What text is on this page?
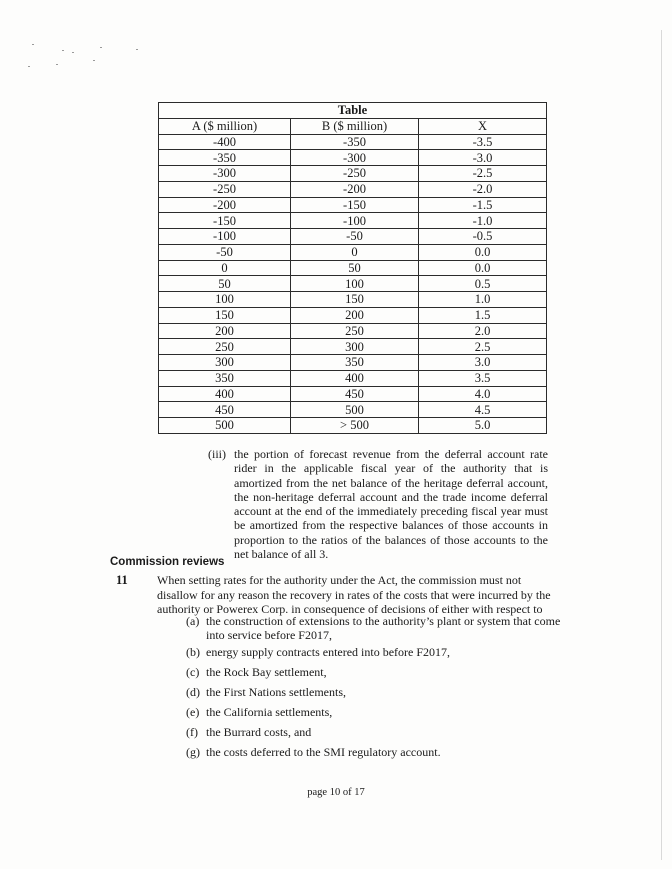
Table		
A ($ million)	B ($ million)	X
-400	-350	-3.5
-350	-300	-3.0
-300	-250	-2.5
-250	-200	-2.0
-200	-150	-1.5
-150	-100	-1.0
-100	-50	-0.5
-50	0	0.0
0	50	0.0
50	100	0.5
100	150	1.0
150	200	1.5
200	250	2.0
250	300	2.5
300	350	3.0
350	400	3.5
400	450	4.0
450	500	4.5
500	> 500	5.0
(iii) the portion of forecast revenue from the deferral account rate rider in the applicable fiscal year of the authority that is amortized from the net balance of the heritage deferral account, the non-heritage deferral account and the trade income deferral account at the end of the immediately preceding fiscal year must be amortized from the respective balances of those accounts in proportion to the ratios of the balances of those accounts to the net balance of all 3.
Commission reviews
11 When setting rates for the authority under the Act, the commission must not disallow for any reason the recovery in rates of the costs that were incurred by the authority or Powerex Corp. in consequence of decisions of either with respect to
(a) the construction of extensions to the authority’s plant or system that come into service before F2017,
(b) energy supply contracts entered into before F2017,
(c) the Rock Bay settlement,
(d) the First Nations settlements,
(e) the California settlements,
(f) the Burrard costs, and
(g) the costs deferred to the SMI regulatory account.
page 10 of 17
